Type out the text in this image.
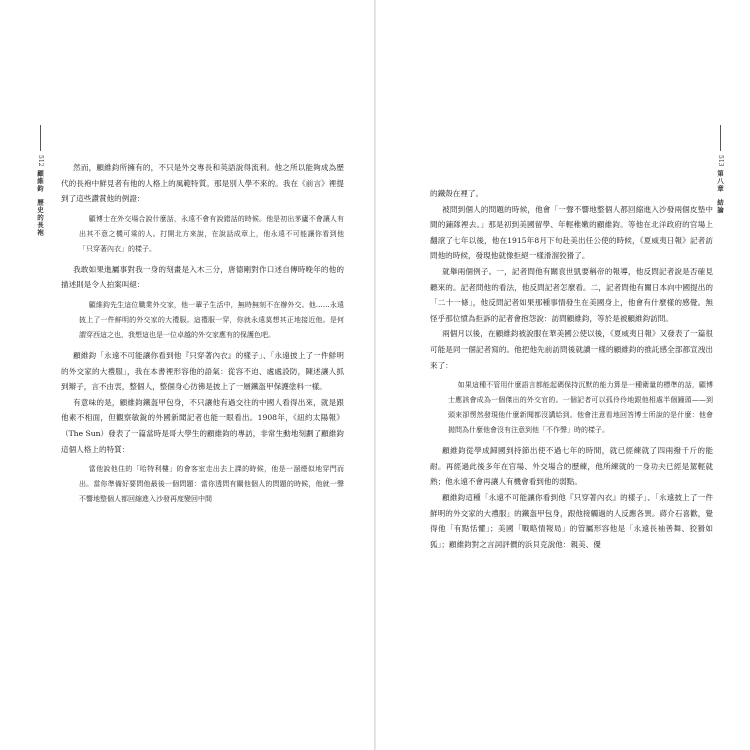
512
顧維鈞
歷史的長袍

然而，顧維鈞所擁有的，不只是外交專長和英語說得流利。他之所以能夠成為歷代的長袍中鮮見者有他的人格上的風範特質。那是別人學不來的。我在《前言》裡提到了這些讚賞他的例證：

顧博士在外交場合說什麼話，永遠不會有說錯話的時候。他是初出茅廬不會讓人有出其不意之機可乘的人。打開北方來說，在說話成章上，他永遠不可能讓你看到他「只穿著內衣」的樣子。

我敢如果進屬事對我一身的刻畫是入木三分，唐德剛對作口述自傳時晚年的他的描述則是令人拍案叫絕：

顧維鈞先生這位職業外交家，他一輩子生活中，無時無刻不在辦外交。他……永遠披上了一件鮮明的外交家的大禮服。這禮服一穿，你就永遠莫想其正地接近他。是何謂穿西這之也，我想這也是一位卓越的外交家應有的保護色吧。

顧維鈞「永遠不可能讓你看到他『只穿著內衣』的樣子」、「永遠披上了一件鮮明的外交家的大禮服」，我在本書裡形容他的語氣：從容不迫、處處設防，陳述讓人抓到辮子，言不由衷，整個人，整個身心彷彿是披上了一層鐵盔甲保護塗料一樣。

有意味的是，顧維鈞鐵盔甲包身，不只讓他有過交往的中國人看得出來，就是跟他素不相面，但觀察敏銳的外國新聞記者也能一眼看出。1908年，《紐約太陽報》（The Sun）發表了一篇當時是哥大學生的顧維鈞的專訪，非常生動地刻劃了顧維鈞這個人格上的特質：

當他說他住的「哈特利樓」的會客室走出去上課的時候，他是一溜煙似地穿門而出。當你準備好要問他最後一個問題：當你透問有關他個人的問題的時候，他就一聲不響地整個人都回縮進入沙發再度變回中間

513
第八章
結論

的鐵殼在裡了。

被問到個人的問題的時候，他會「一聲不響地整個人都回縮進入沙發兩個皮墊中間的鋪隊裡去。」那是初到美國留學、年輕稚嫩的顧維鈞。等他在北洋政府的官場上翻滾了七年以後，他在1915年8月下旬赴美出任公使的時候，《夏威夷日報》記者訪問他的時候，發現他就像拒絕一樣滑溜狡猾了。

就舉兩個例子。一，記者問他有關袁世凱要稱帝的報導，他反問記者說是否確見聽來的。記者問他的看法，他反問記者怎麼看。二，記者問他有關日本向中國提出的「二十一條」，他反問記者如果那種事情發生在美國身上，他會有什麼樣的感覺。無怪乎那位憤為拒訴的記者會抱怨說：訪問顧維鈞，等於是被顧維鈞訪問。

兩個月以後，在顧維鈞被說服在華美國公使以後，《夏威夷日報》又發表了一篇很可能是同一個記者寫的。他把他先前訪問後就讀一樣的顧維鈞的推託感全部都宣洩出來了：

如果這種不管用什麼語言都能起碼保持沉默的能力算是一種衛量的標準的話，顧博士應該會成為一個傑出的外交官的。一個記者可以孤伶伶地跟他相處半個鐘頭——到頭來卻愣然發現他什麼新聞都沒講給到。他會注意看地回答博士所說的是什麼：他會拋問為什麼他會沒有注意到他「不作聲」時的樣子。

顧維鈞從學成歸國到持節出使不過七年的時間，就已經練就了四兩撥千斤的能耐。再經過此後多年在官場、外交場合的歷練，他所練就的一身功夫已經是駕輕就熟；他永遠不會再讓人有機會看到他的弱點。

顧維鈞這種「永遠不可能讓你看到他『只穿著內衣』的樣子」、「永遠披上了一件鮮明的外交家的大禮服」的鐵盔甲包身，跟他接觸過的人反應各異。蔣介石喜歡，覺得他「有點恬懼」；美國「戰略情報局」的管屬形容他是「永遠長袖善舞、狡猾如狐」；顧維鈞對之言詞評價的浜貝克說他：親美、優
